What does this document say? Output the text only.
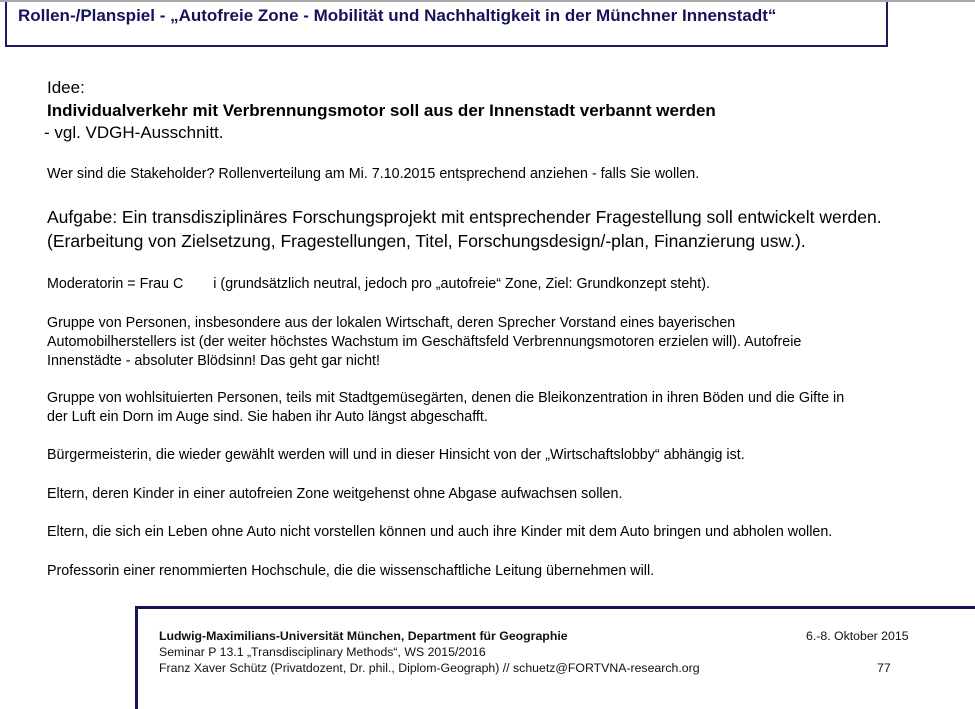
Rollen-/Planspiel - „Autofreie Zone - Mobilität und Nachhaltigkeit in der Münchner Innenstadt“
Idee:
Individualverkehr mit Verbrennungsmotor soll aus der Innenstadt verbannt werden
- vgl. VDGH-Ausschnitt.
Wer sind die Stakeholder? Rollenverteilung am Mi. 7.10.2015 entsprechend anziehen - falls Sie wollen.
Aufgabe: Ein transdisziplinäres Forschungsprojekt mit entsprechender Fragestellung soll entwickelt werden.
(Erarbeitung von Zielsetzung, Fragestellungen, Titel, Forschungsdesign/-plan, Finanzierung usw.).
Moderatorin = Frau C i (grundsätzlich neutral, jedoch pro „autofreie“ Zone, Ziel: Grundkonzept steht).
Gruppe von Personen, insbesondere aus der lokalen Wirtschaft, deren Sprecher Vorstand eines bayerischen
Automobilherstellers ist (der weiter höchstes Wachstum im Geschäftsfeld Verbrennungsmotoren erzielen will). Autofreie
Innenstädte - absoluter Blödsinn! Das geht gar nicht!
Gruppe von wohlsituierten Personen, teils mit Stadtgemüsegärten, denen die Bleikonzentration in ihren Böden und die Gifte in
der Luft ein Dorn im Auge sind. Sie haben ihr Auto längst abgeschafft.
Bürgermeisterin, die wieder gewählt werden will und in dieser Hinsicht von der „Wirtschaftslobby“ abhängig ist.
Eltern, deren Kinder in einer autofreien Zone weitgehenst ohne Abgase aufwachsen sollen.
Eltern, die sich ein Leben ohne Auto nicht vorstellen können und auch ihre Kinder mit dem Auto bringen und abholen wollen.
Professorin einer renommierten Hochschule, die die wissenschaftliche Leitung übernehmen will.
Ludwig-Maximilians-Universität München, Department für Geographie
Seminar P 13.1 „Transdisciplinary Methods“, WS 2015/2016
Franz Xaver Schütz (Privatdozent, Dr. phil., Diplom-Geograph) // schuetz@FORTVNA-research.org
6.-8. Oktober 2015
77
